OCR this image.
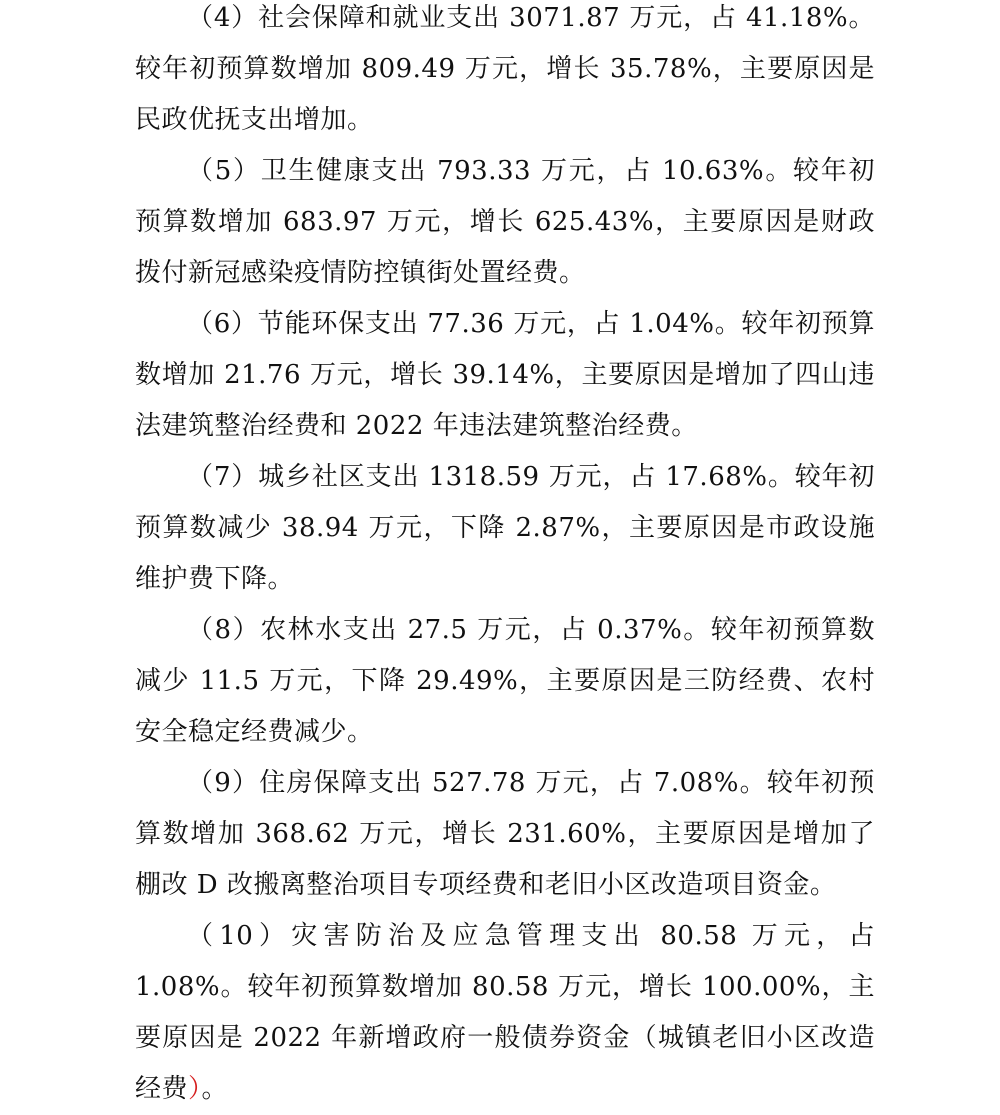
（4）社会保障和就业支出 3071.87 万元，占 41.18%。较年初预算数增加 809.49 万元，增长 35.78%，主要原因是民政优抚支出增加。

（5）卫生健康支出 793.33 万元，占 10.63%。较年初预算数增加 683.97 万元，增长 625.43%，主要原因是财政拨付新冠感染疫情防控镇街处置经费。

（6）节能环保支出 77.36 万元，占 1.04%。较年初预算数增加 21.76 万元，增长 39.14%，主要原因是增加了四山违法建筑整治经费和 2022 年违法建筑整治经费。

（7）城乡社区支出 1318.59 万元，占 17.68%。较年初预算数减少 38.94 万元，下降 2.87%，主要原因是市政设施维护费下降。

（8）农林水支出 27.5 万元，占 0.37%。较年初预算数减少 11.5 万元，下降 29.49%，主要原因是三防经费、农村安全稳定经费减少。

（9）住房保障支出 527.78 万元，占 7.08%。较年初预算数增加 368.62 万元，增长 231.60%，主要原因是增加了棚改 D 改搬离整治项目专项经费和老旧小区改造项目资金。

（10）灾害防治及应急管理支出 80.58 万元，占 1.08%。较年初预算数增加 80.58 万元，增长 100.00%，主要原因是 2022 年新增政府一般债券资金（城镇老旧小区改造经费）。
